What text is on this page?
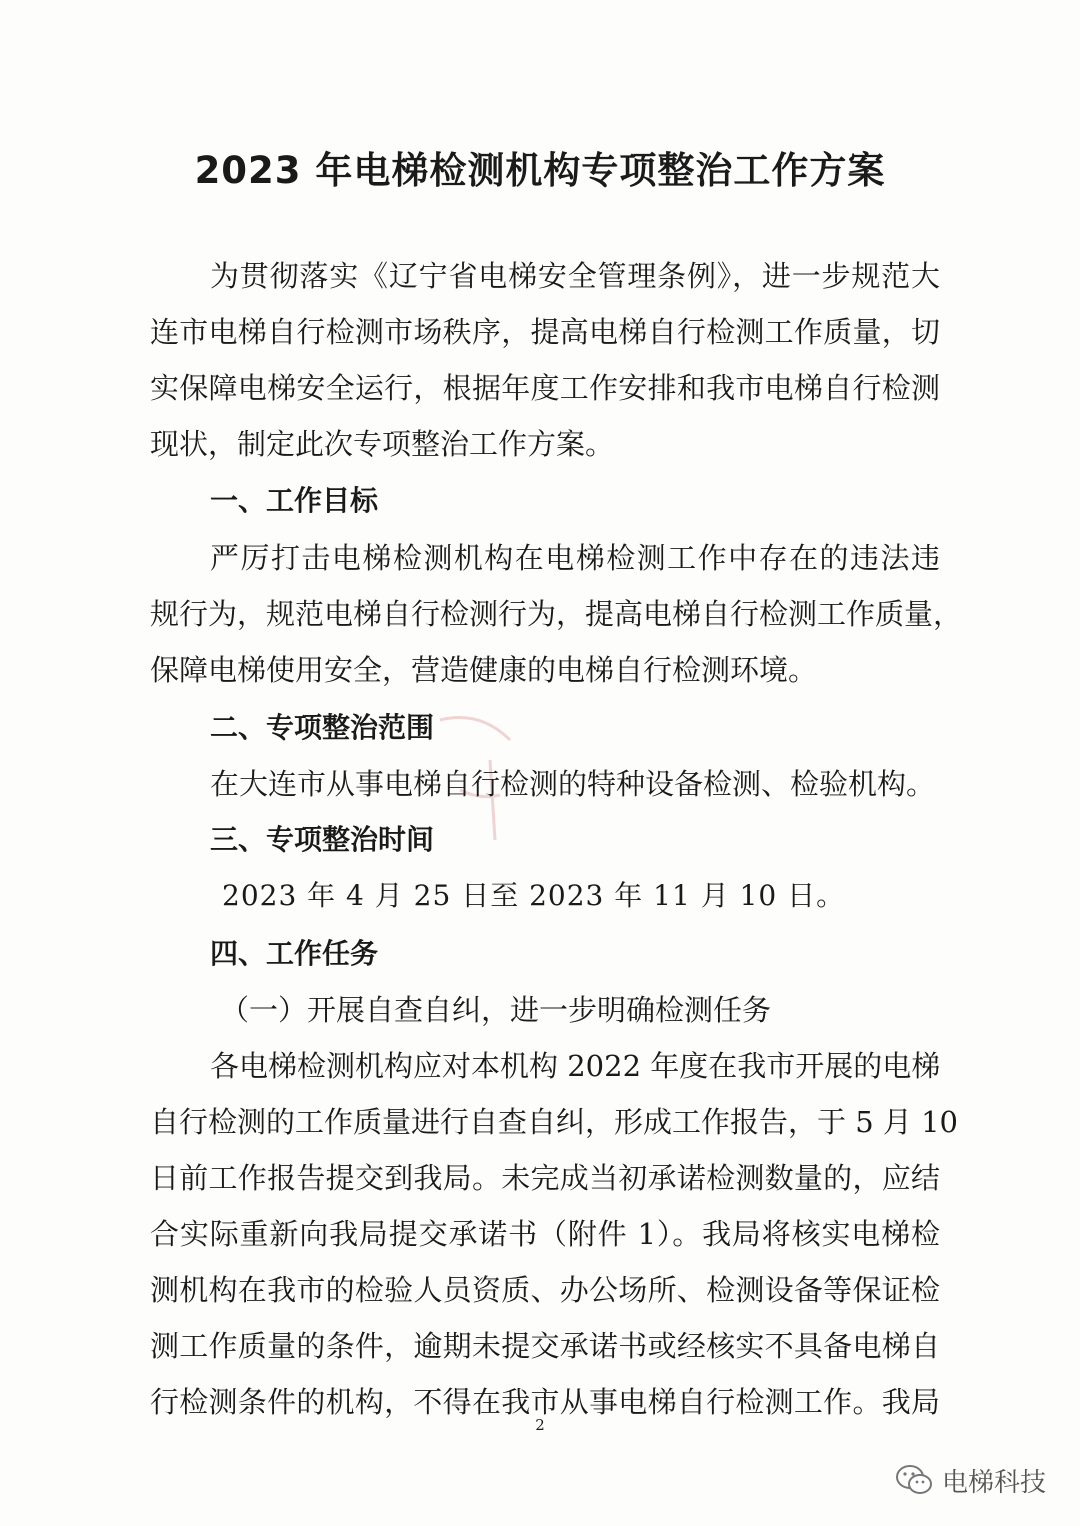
2023 年电梯检测机构专项整治工作方案

为贯彻落实《辽宁省电梯安全管理条例》，进一步规范大

连市电梯自行检测市场秩序，提高电梯自行检测工作质量，切

实保障电梯安全运行，根据年度工作安排和我市电梯自行检测

现状，制定此次专项整治工作方案。

一、工作目标

严厉打击电梯检测机构在电梯检测工作中存在的违法违

规行为，规范电梯自行检测行为，提高电梯自行检测工作质量，

保障电梯使用安全，营造健康的电梯自行检测环境。

二、专项整治范围

在大连市从事电梯自行检测的特种设备检测、检验机构。

三、专项整治时间

2023 年 4 月 25 日至 2023 年 11 月 10 日。

四、工作任务

（一）开展自查自纠，进一步明确检测任务

各电梯检测机构应对本机构 2022 年度在我市开展的电梯

自行检测的工作质量进行自查自纠，形成工作报告，于 5 月 10

日前工作报告提交到我局。未完成当初承诺检测数量的，应结

合实际重新向我局提交承诺书（附件 1）。我局将核实电梯检

测机构在我市的检验人员资质、办公场所、检测设备等保证检

测工作质量的条件，逾期未提交承诺书或经核实不具备电梯自

行检测条件的机构，不得在我市从事电梯自行检测工作。我局

2
电梯科技
